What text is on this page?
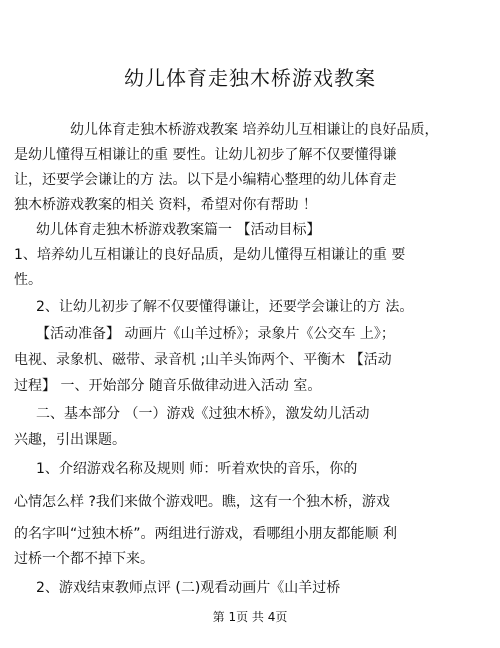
幼儿体育走独木桥游戏教案
幼儿体育走独木桥游戏教案 培养幼儿互相谦让的良好品质，
是幼儿懂得互相谦让的重 要性。让幼儿初步了解不仅要懂得谦
让，还要学会谦让的方 法。以下是小编精心整理的幼儿体育走
独木桥游戏教案的相关 资料，希望对你有帮助 ！
幼儿体育走独木桥游戏教案篇一 【活动目标】
1、培养幼儿互相谦让的良好品质，是幼儿懂得互相谦让的重 要
性。
2、让幼儿初步了解不仅要懂得谦让，还要学会谦让的方 法。
【活动准备】 动画片《山羊过桥》；录象片《公交车 上》；
电视、录象机、磁带、录音机 ;山羊头饰两个、平衡木 【活动
过程】 一、开始部分 随音乐做律动进入活动 室。
二、基本部分 （一）游戏《过独木桥》，激发幼儿活动
兴趣，引出课题。
1、介绍游戏名称及规则 师：听着欢快的音乐，你的
心情怎么样 ?我们来做个游戏吧。瞧，这有一个独木桥，游戏
的名字叫“过独木桥”。两组进行游戏，看哪组小朋友都能顺 利
过桥一个都不掉下来。
2、游戏结束教师点评 (二)观看动画片《山羊过桥
第 1页 共 4页
